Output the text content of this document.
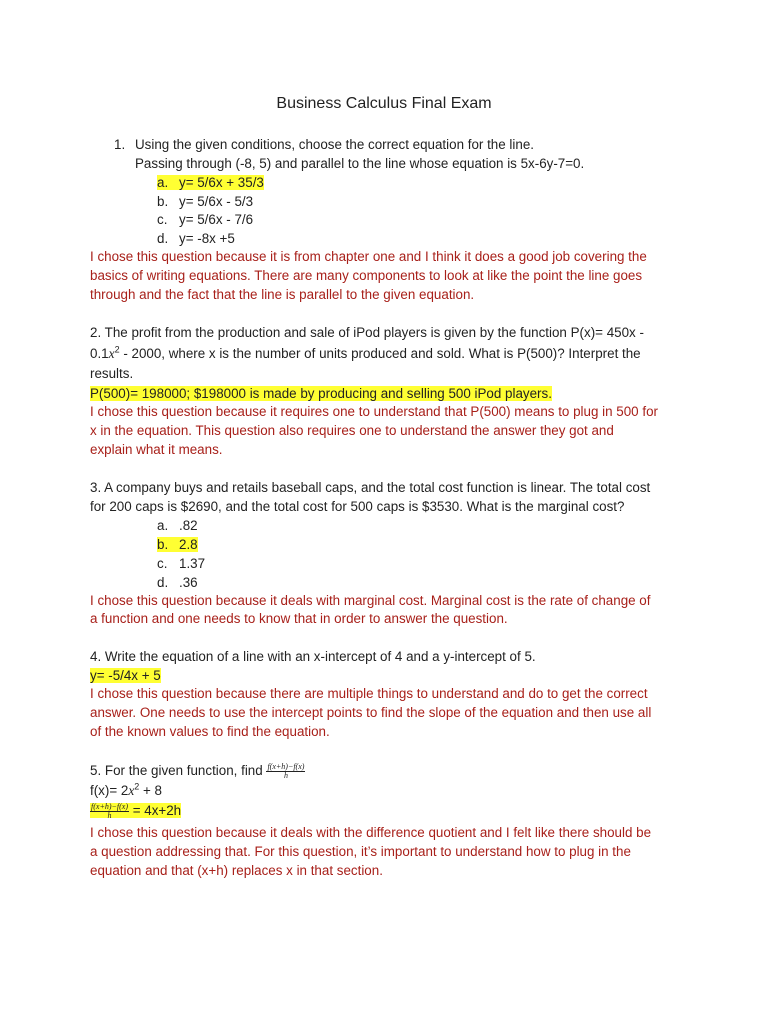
Business Calculus Final Exam
1. Using the given conditions, choose the correct equation for the line.
Passing through (-8, 5) and parallel to the line whose equation is 5x-6y-7=0.
a. y= 5/6x + 35/3
b. y= 5/6x - 5/3
c. y= 5/6x - 7/6
d. y= -8x +5
I chose this question because it is from chapter one and I think it does a good job covering the
basics of writing equations. There are many components to look at like the point the line goes
through and the fact that the line is parallel to the given equation.
2. The profit from the production and sale of iPod players is given by the function P(x)= 450x -
$0.1x^2 - 2000$, where x is the number of units produced and sold. What is P(500)? Interpret the
results.
P(500)= 198000; $198000 is made by producing and selling 500 iPod players.
I chose this question because it requires one to understand that P(500) means to plug in 500 for
x in the equation. This question also requires one to understand the answer they got and
explain what it means.
3. A company buys and retails baseball caps, and the total cost function is linear. The total cost
for 200 caps is $2690, and the total cost for 500 caps is $3530. What is the marginal cost?
a. .82
b. 2.8
c. 1.37
d. .36
I chose this question because it deals with marginal cost. Marginal cost is the rate of change of
a function and one needs to know that in order to answer the question.
4. Write the equation of a line with an x-intercept of 4 and a y-intercept of 5.
y= -5/4x + 5
I chose this question because there are multiple things to understand and do to get the correct
answer. One needs to use the intercept points to find the slope of the equation and then use all
of the known values to find the equation.
5. For the given function, find $\frac{f(x+h)-f(x)}{h}$
$f(x)= 2x^2 + 8$
$\frac{f(x+h)-f(x)}{h} = 4x+2h$
I chose this question because it deals with the difference quotient and I felt like there should be
a question addressing that. For this question, it’s important to understand how to plug in the
equation and that (x+h) replaces x in that section.
